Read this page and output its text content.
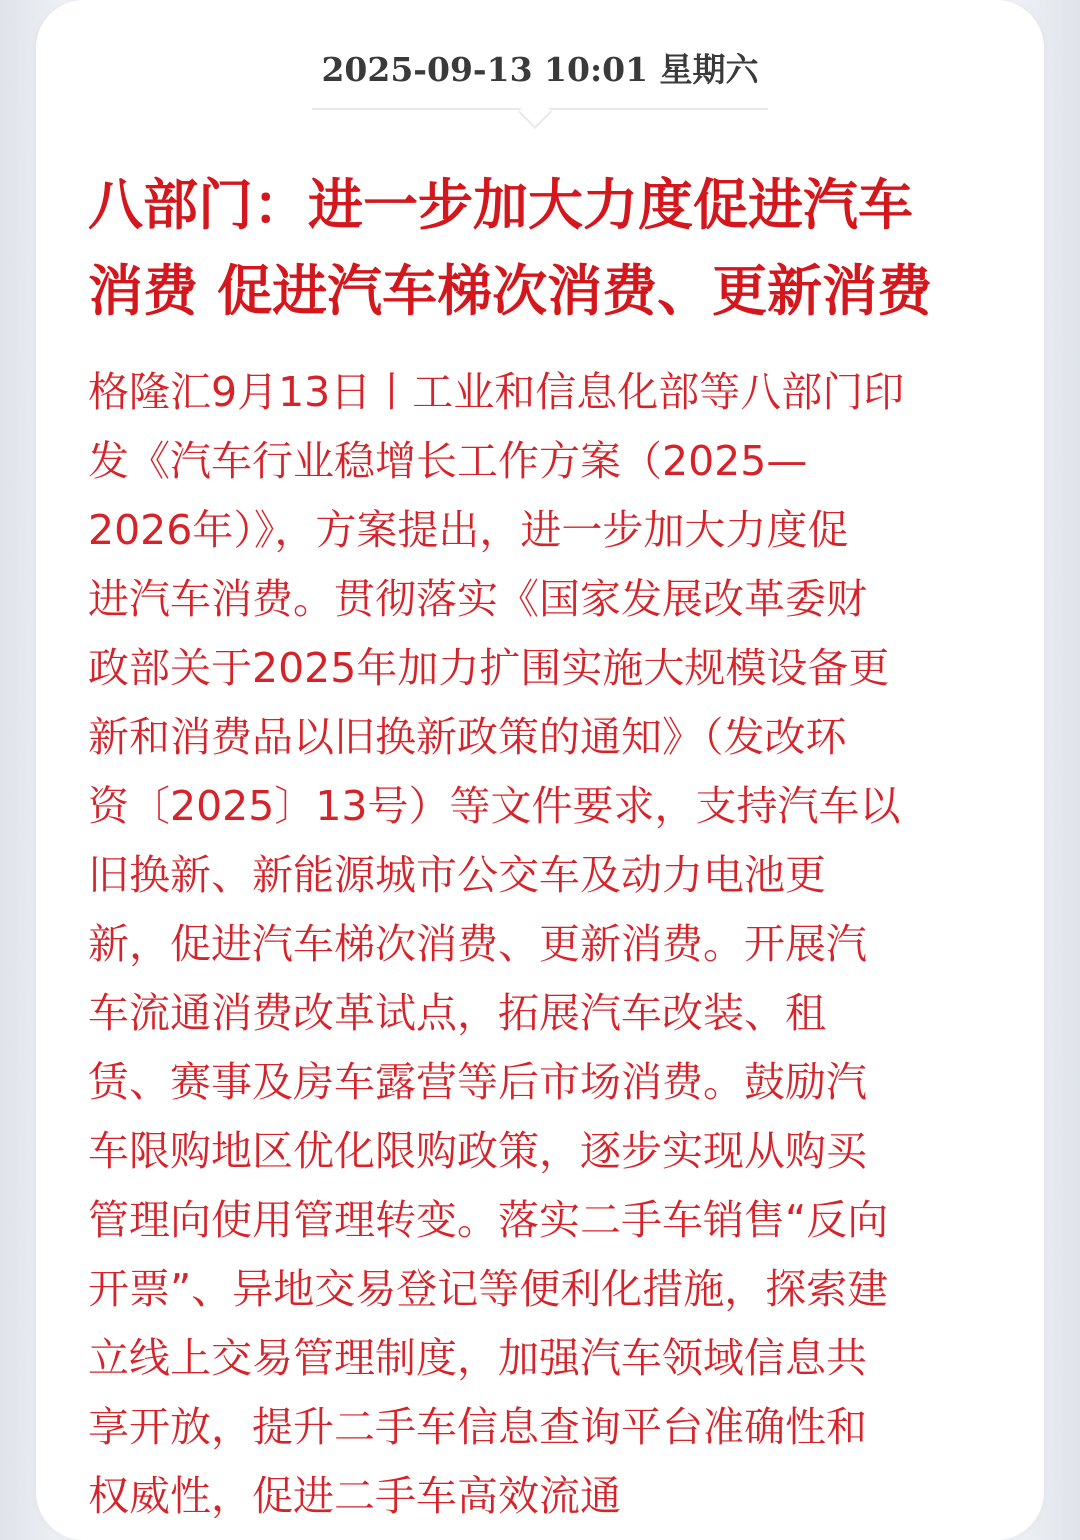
2025-09-13 10:01 星期六
八部门：进一步加大力度促进汽车
消费 促进汽车梯次消费、更新消费
格隆汇9月13日丨工业和信息化部等八部门印
发《汽车行业稳增长工作方案（2025—
2026年）》，方案提出，进一步加大力度促
进汽车消费。贯彻落实《国家发展改革委财
政部关于2025年加力扩围实施大规模设备更
新和消费品以旧换新政策的通知》（发改环
资〔2025〕13号）等文件要求，支持汽车以
旧换新、新能源城市公交车及动力电池更
新，促进汽车梯次消费、更新消费。开展汽
车流通消费改革试点，拓展汽车改装、租
赁、赛事及房车露营等后市场消费。鼓励汽
车限购地区优化限购政策，逐步实现从购买
管理向使用管理转变。落实二手车销售“反向
开票”、异地交易登记等便利化措施，探索建
立线上交易管理制度，加强汽车领域信息共
享开放，提升二手车信息查询平台准确性和
权威性，促进二手车高效流通
